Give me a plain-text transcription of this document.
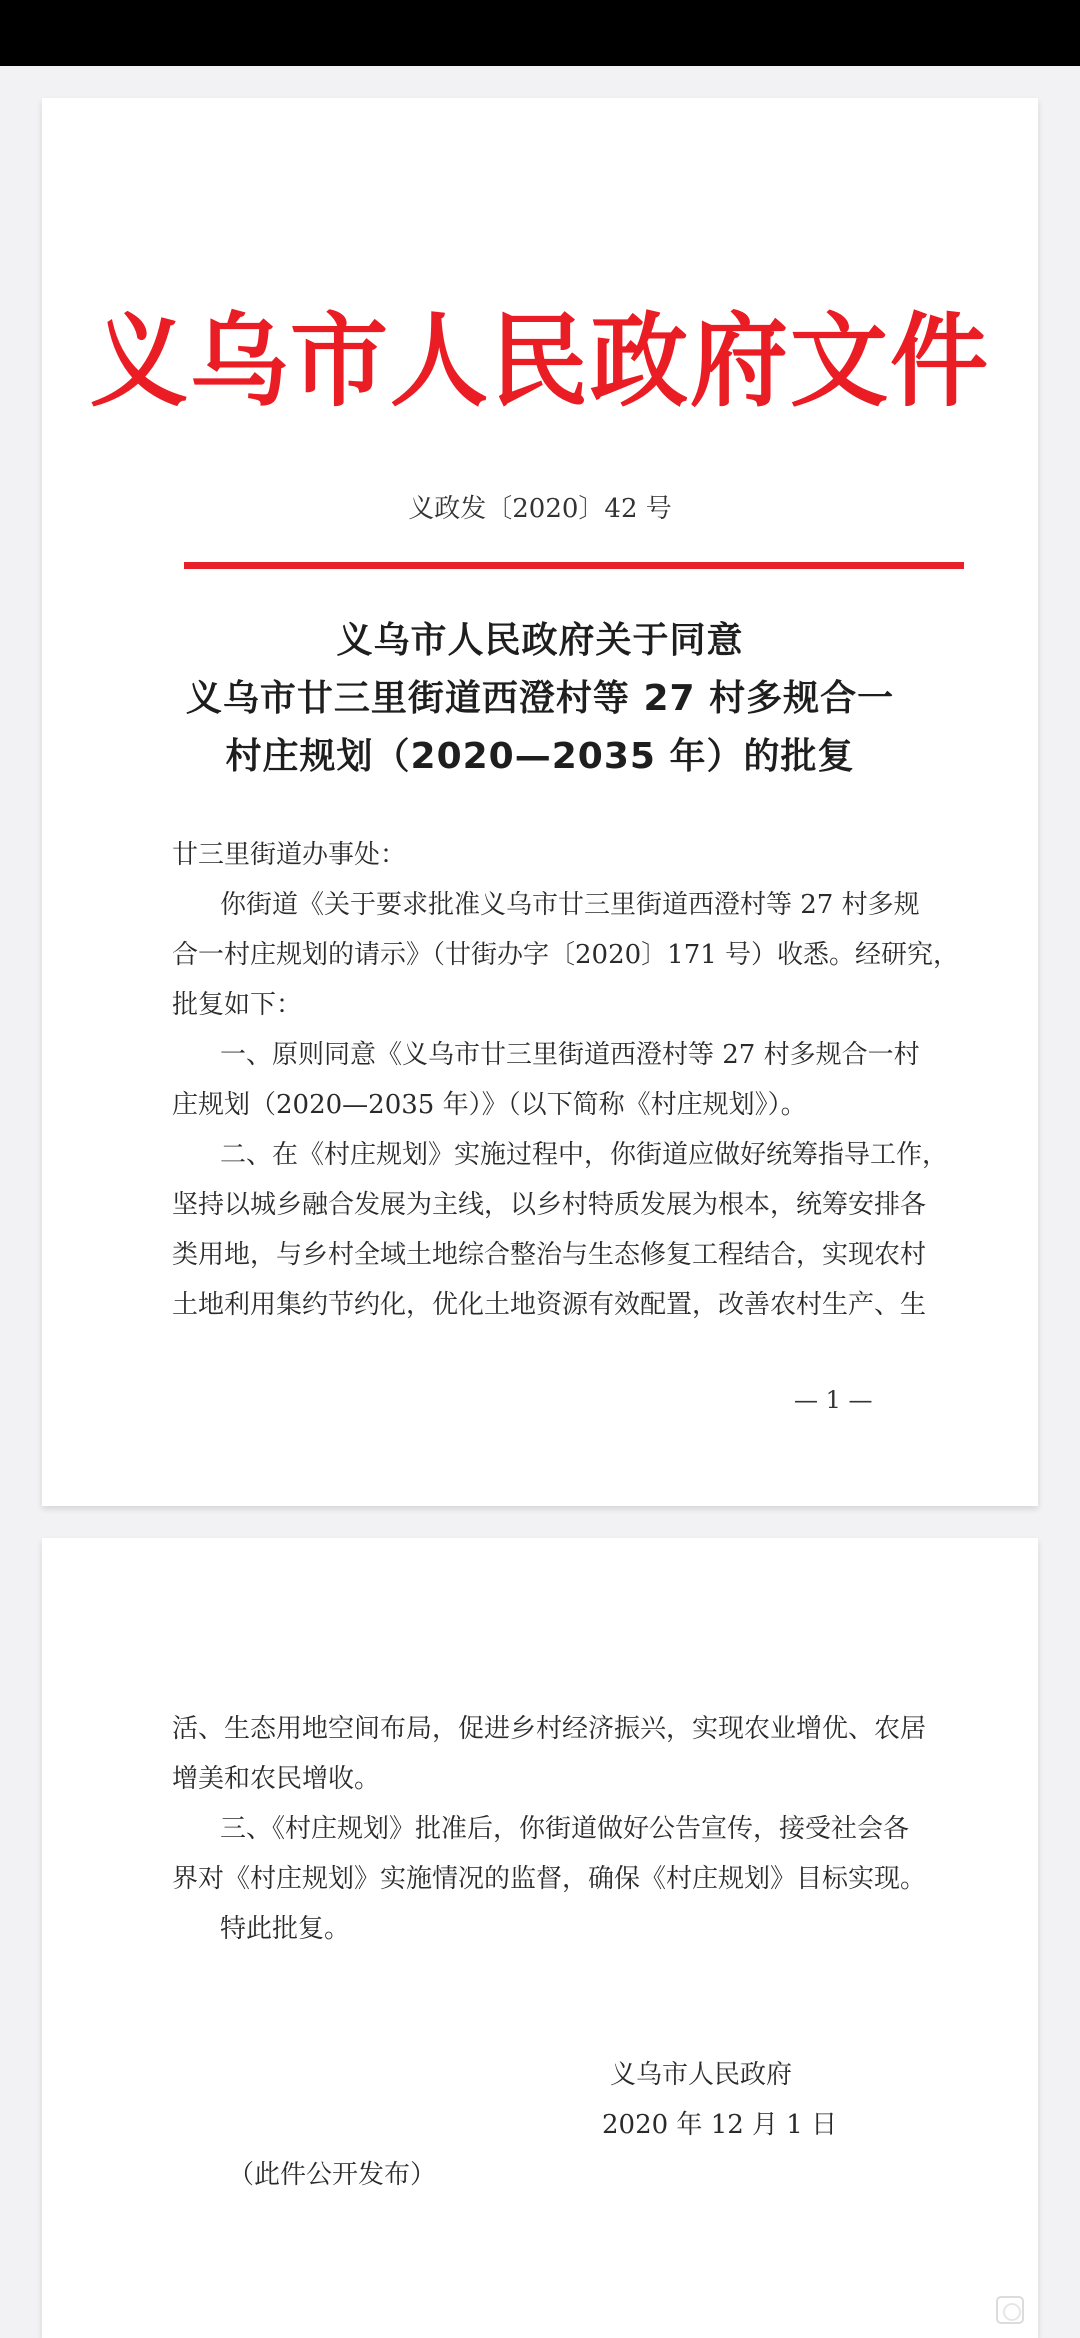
义乌市人民政府文件
义政发〔2020〕42 号
义乌市人民政府关于同意
义乌市廿三里街道西澄村等 27 村多规合一
村庄规划（2020—2035 年）的批复
廿三里街道办事处：
你街道《关于要求批准义乌市廿三里街道西澄村等 27 村多规
合一村庄规划的请示》（廿街办字〔2020〕171 号）收悉。经研究，
批复如下：
一、原则同意《义乌市廿三里街道西澄村等 27 村多规合一村
庄规划（2020—2035 年）》（以下简称《村庄规划》）。
二、在《村庄规划》实施过程中，你街道应做好统筹指导工作，
坚持以城乡融合发展为主线，以乡村特质发展为根本，统筹安排各
类用地，与乡村全域土地综合整治与生态修复工程结合，实现农村
土地利用集约节约化，优化土地资源有效配置，改善农村生产、生
— 1 —
活、生态用地空间布局，促进乡村经济振兴，实现农业增优、农居
增美和农民增收。
三、《村庄规划》批准后，你街道做好公告宣传，接受社会各
界对《村庄规划》实施情况的监督，确保《村庄规划》目标实现。
特此批复。
义乌市人民政府
2020 年 12 月 1 日
（此件公开发布）
